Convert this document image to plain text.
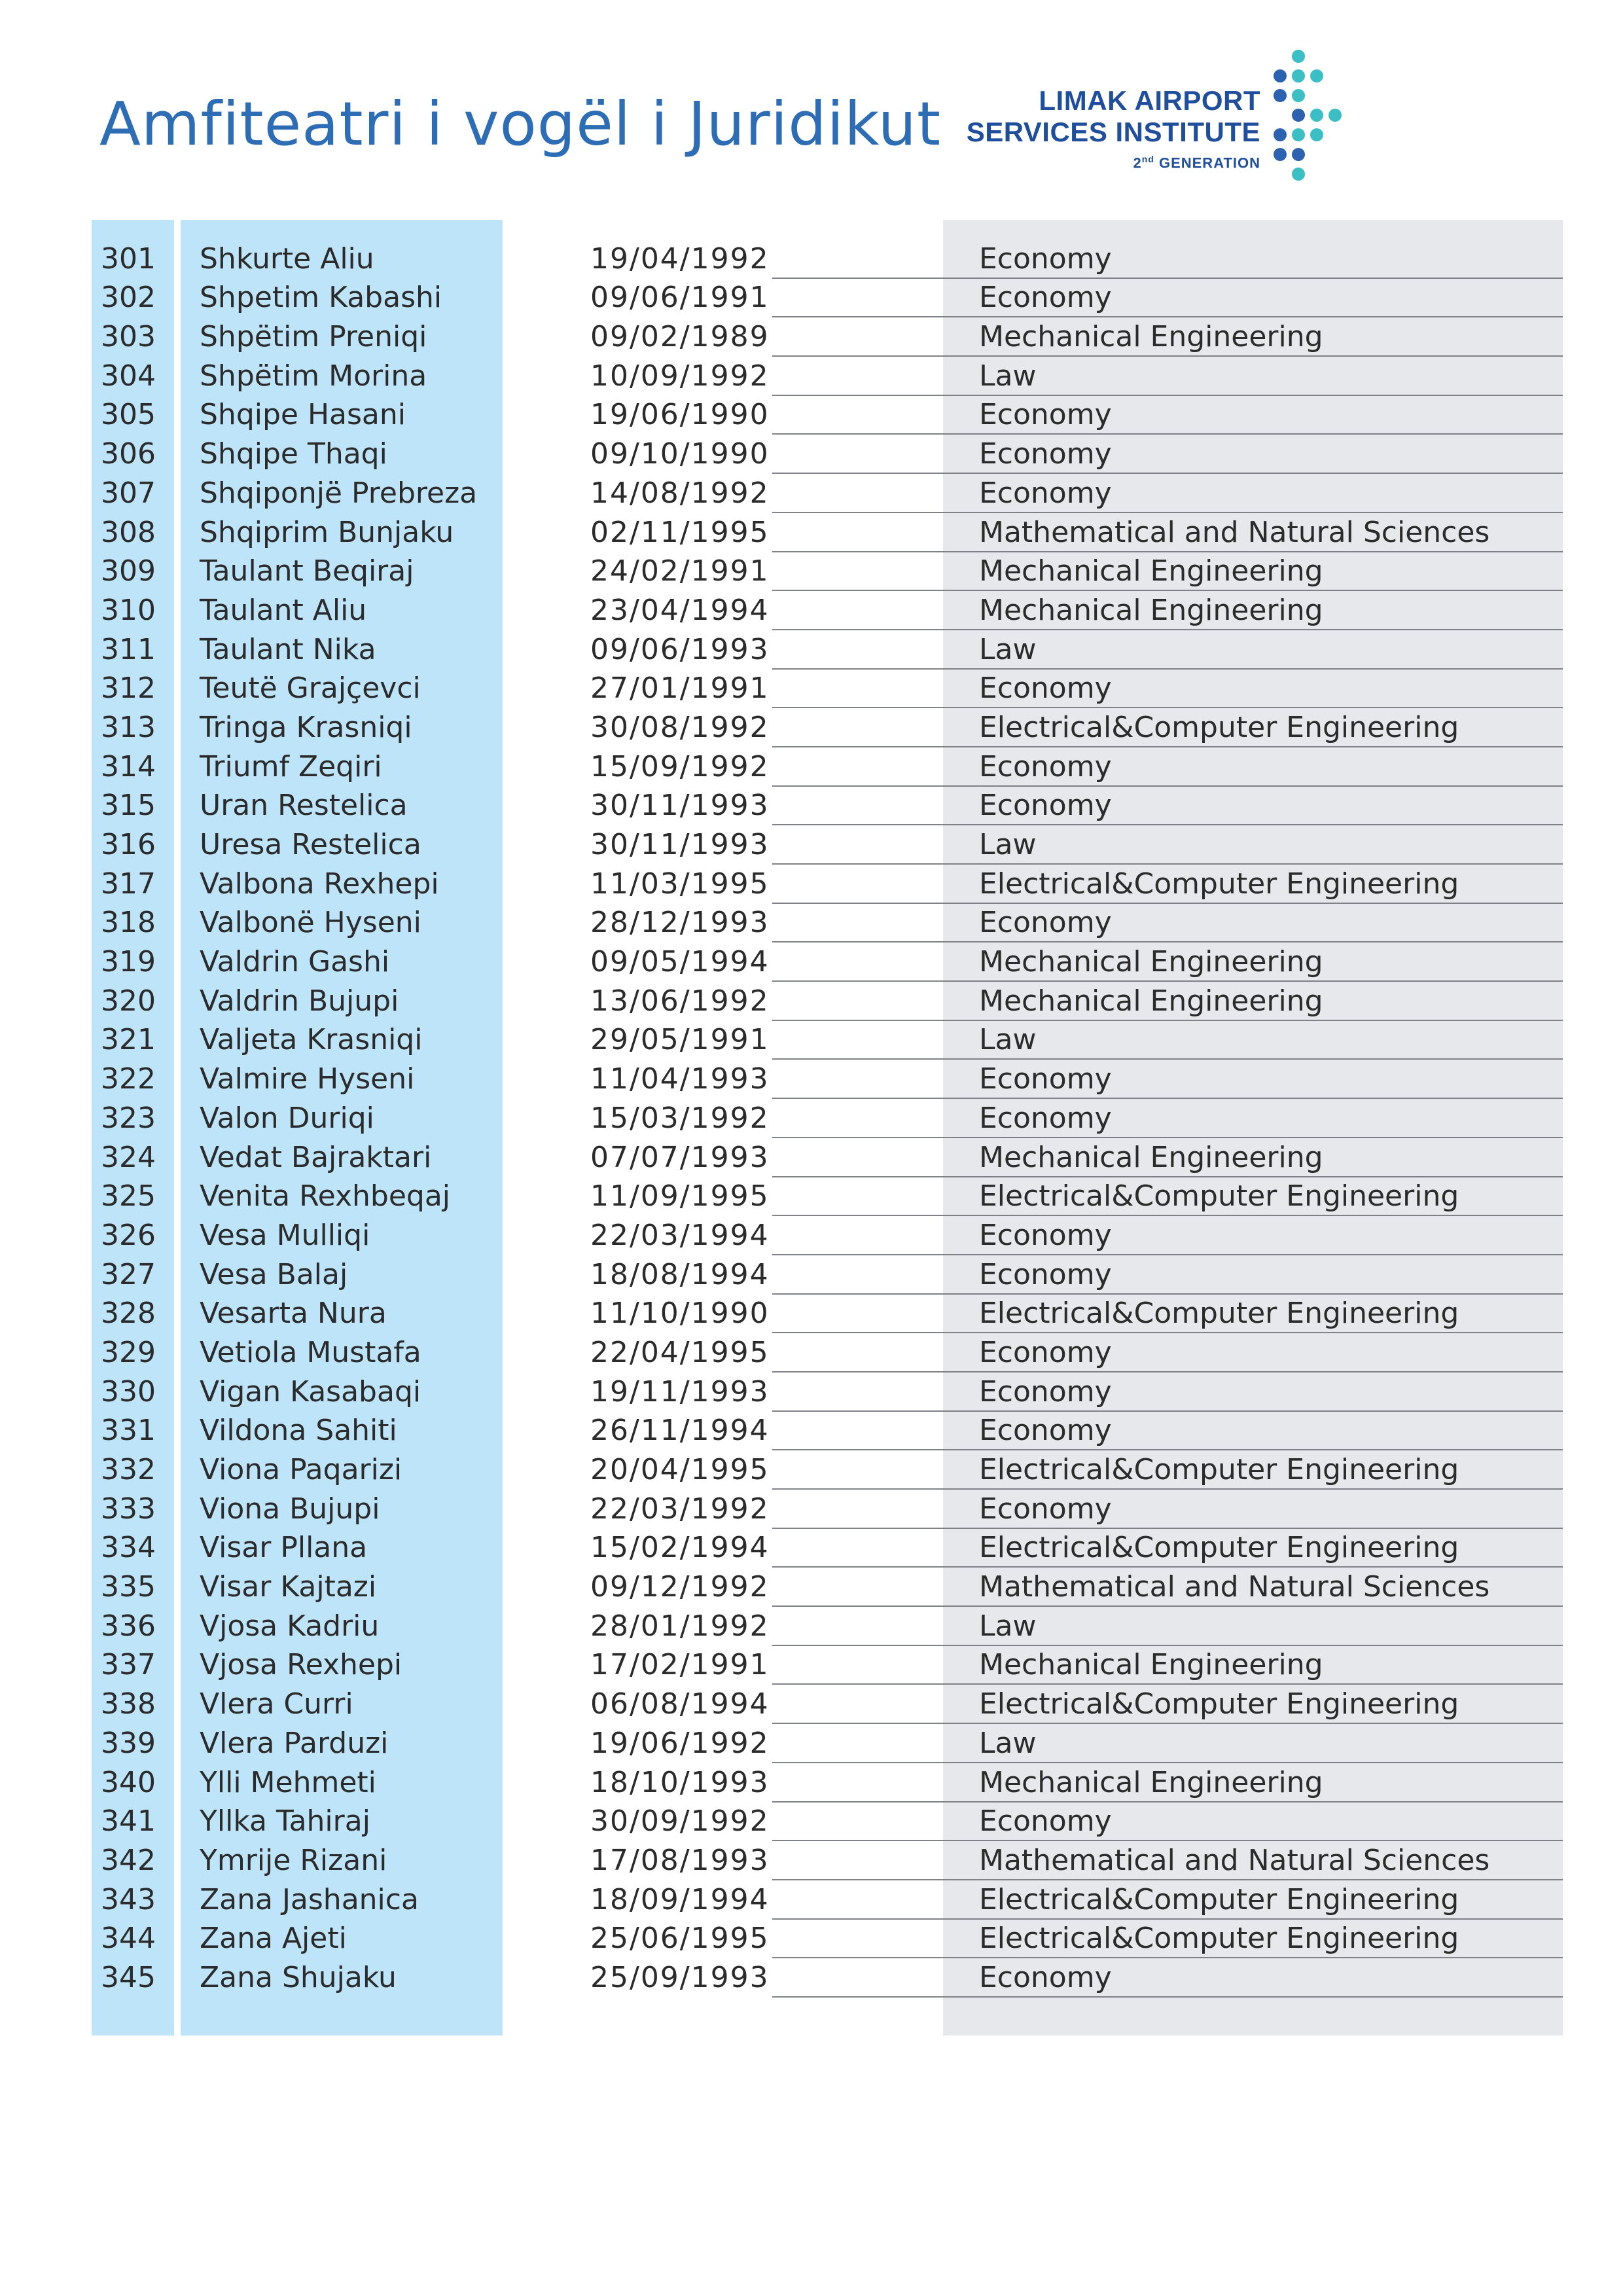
Amfiteatri i vogël i Juridikut	LIMAK AIRPORT
SERVICES INSTITUTE
2nd GENERATION
301 Shkurte Aliu	19/04/1992	Economy
302 Shpetim Kabashi	09/06/1991	Economy
303 Shpëtim Preniqi	09/02/1989	Mechanical Engineering
304 Shpëtim Morina	10/09/1992	Law
305 Shqipe Hasani	19/06/1990	Economy
306 Shqipe Thaqi	09/10/1990	Economy
307 Shqiponjë Prebreza	14/08/1992	Economy
308 Shqiprim Bunjaku	02/11/1995	Mathematical and Natural Sciences
309 Taulant Beqiraj	24/02/1991	Mechanical Engineering
310 Taulant Aliu	23/04/1994	Mechanical Engineering
311 Taulant Nika	09/06/1993	Law
312 Teutë Grajçevci	27/01/1991	Economy
313 Tringa Krasniqi	30/08/1992	Electrical&Computer Engineering
314 Triumf Zeqiri	15/09/1992	Economy
315 Uran Restelica	30/11/1993	Economy
316 Uresa Restelica	30/11/1993	Law
317 Valbona Rexhepi	11/03/1995	Electrical&Computer Engineering
318 Valbonë Hyseni	28/12/1993	Economy
319 Valdrin Gashi	09/05/1994	Mechanical Engineering
320 Valdrin Bujupi	13/06/1992	Mechanical Engineering
321 Valjeta Krasniqi	29/05/1991	Law
322 Valmire Hyseni	11/04/1993	Economy
323 Valon Duriqi	15/03/1992	Economy
324 Vedat Bajraktari	07/07/1993	Mechanical Engineering
325 Venita Rexhbeqaj	11/09/1995	Electrical&Computer Engineering
326 Vesa Mulliqi	22/03/1994	Economy
327 Vesa Balaj	18/08/1994	Economy
328 Vesarta Nura	11/10/1990	Electrical&Computer Engineering
329 Vetiola Mustafa	22/04/1995	Economy
330 Vigan Kasabaqi	19/11/1993	Economy
331 Vildona Sahiti	26/11/1994	Economy
332 Viona Paqarizi	20/04/1995	Electrical&Computer Engineering
333 Viona Bujupi	22/03/1992	Economy
334 Visar Pllana	15/02/1994	Electrical&Computer Engineering
335 Visar Kajtazi	09/12/1992	Mathematical and Natural Sciences
336 Vjosa Kadriu	28/01/1992	Law
337 Vjosa Rexhepi	17/02/1991	Mechanical Engineering
338 Vlera Curri	06/08/1994	Electrical&Computer Engineering
339 Vlera Parduzi	19/06/1992	Law
340 Ylli Mehmeti	18/10/1993	Mechanical Engineering
341 Yllka Tahiraj	30/09/1992	Economy
342 Ymrije Rizani	17/08/1993	Mathematical and Natural Sciences
343 Zana Jashanica	18/09/1994	Electrical&Computer Engineering
344 Zana Ajeti	25/06/1995	Electrical&Computer Engineering
345 Zana Shujaku	25/09/1993	Economy
